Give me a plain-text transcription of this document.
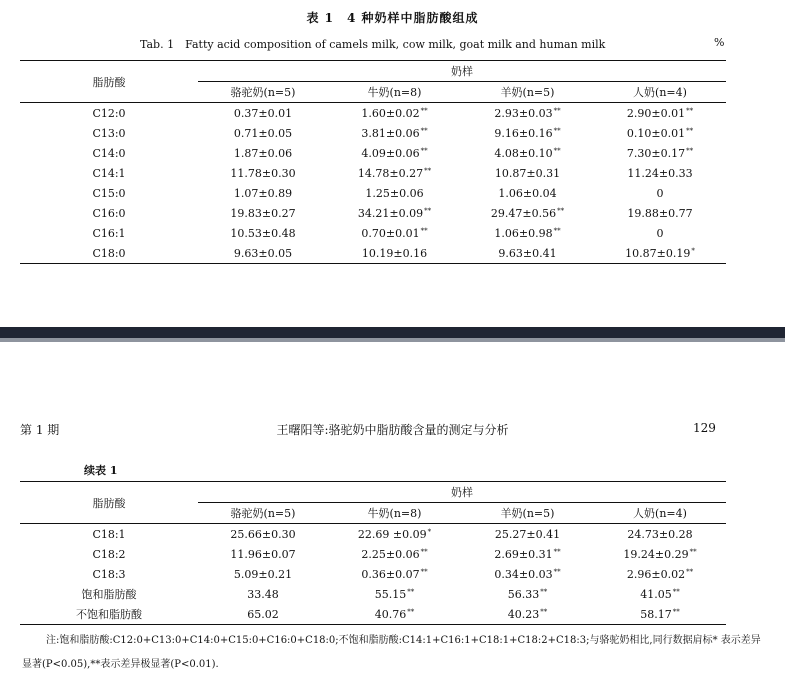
表 1　4 种奶样中脂肪酸组成
Tab. 1　Fatty acid composition of camels milk, cow milk, goat milk and human milk	%
脂肪酸	奶样			
	骆驼奶(n=5)	牛奶(n=8)	羊奶(n=5)	人奶(n=4)
C12:0	0.37±0.01	1.60±0.02**	2.93±0.03**	2.90±0.01**
C13:0	0.71±0.05	3.81±0.06**	9.16±0.16**	0.10±0.01**
C14:0	1.87±0.06	4.09±0.06**	4.08±0.10**	7.30±0.17**
C14:1	11.78±0.30	14.78±0.27**	10.87±0.31	11.24±0.33
C15:0	1.07±0.89	1.25±0.06	1.06±0.04	0
C16:0	19.83±0.27	34.21±0.09**	29.47±0.56**	19.88±0.77
C16:1	10.53±0.48	0.70±0.01**	1.06±0.98**	0
C18:0	9.63±0.05	10.19±0.16	9.63±0.41	10.87±0.19*
第 1 期	王曙阳等:骆驼奶中脂肪酸含量的测定与分析	129
续表 1
脂肪酸	奶样			
	骆驼奶(n=5)	牛奶(n=8)	羊奶(n=5)	人奶(n=4)
C18:1	25.66±0.30	22.69 ±0.09*	25.27±0.41	24.73±0.28
C18:2	11.96±0.07	2.25±0.06**	2.69±0.31**	19.24±0.29**
C18:3	5.09±0.21	0.36±0.07**	0.34±0.03**	2.96±0.02**
饱和脂肪酸	33.48	55.15**	56.33**	41.05**
不饱和脂肪酸	65.02	40.76**	40.23**	58.17**
注:饱和脂肪酸:C12:0+C13:0+C14:0+C15:0+C16:0+C18:0;不饱和脂肪酸:C14:1+C16:1+C18:1+C18:2+C18:3;与骆驼奶相比,同行数据肩标* 表示差异显著(P<0.05),**表示差异极显著(P<0.01).
